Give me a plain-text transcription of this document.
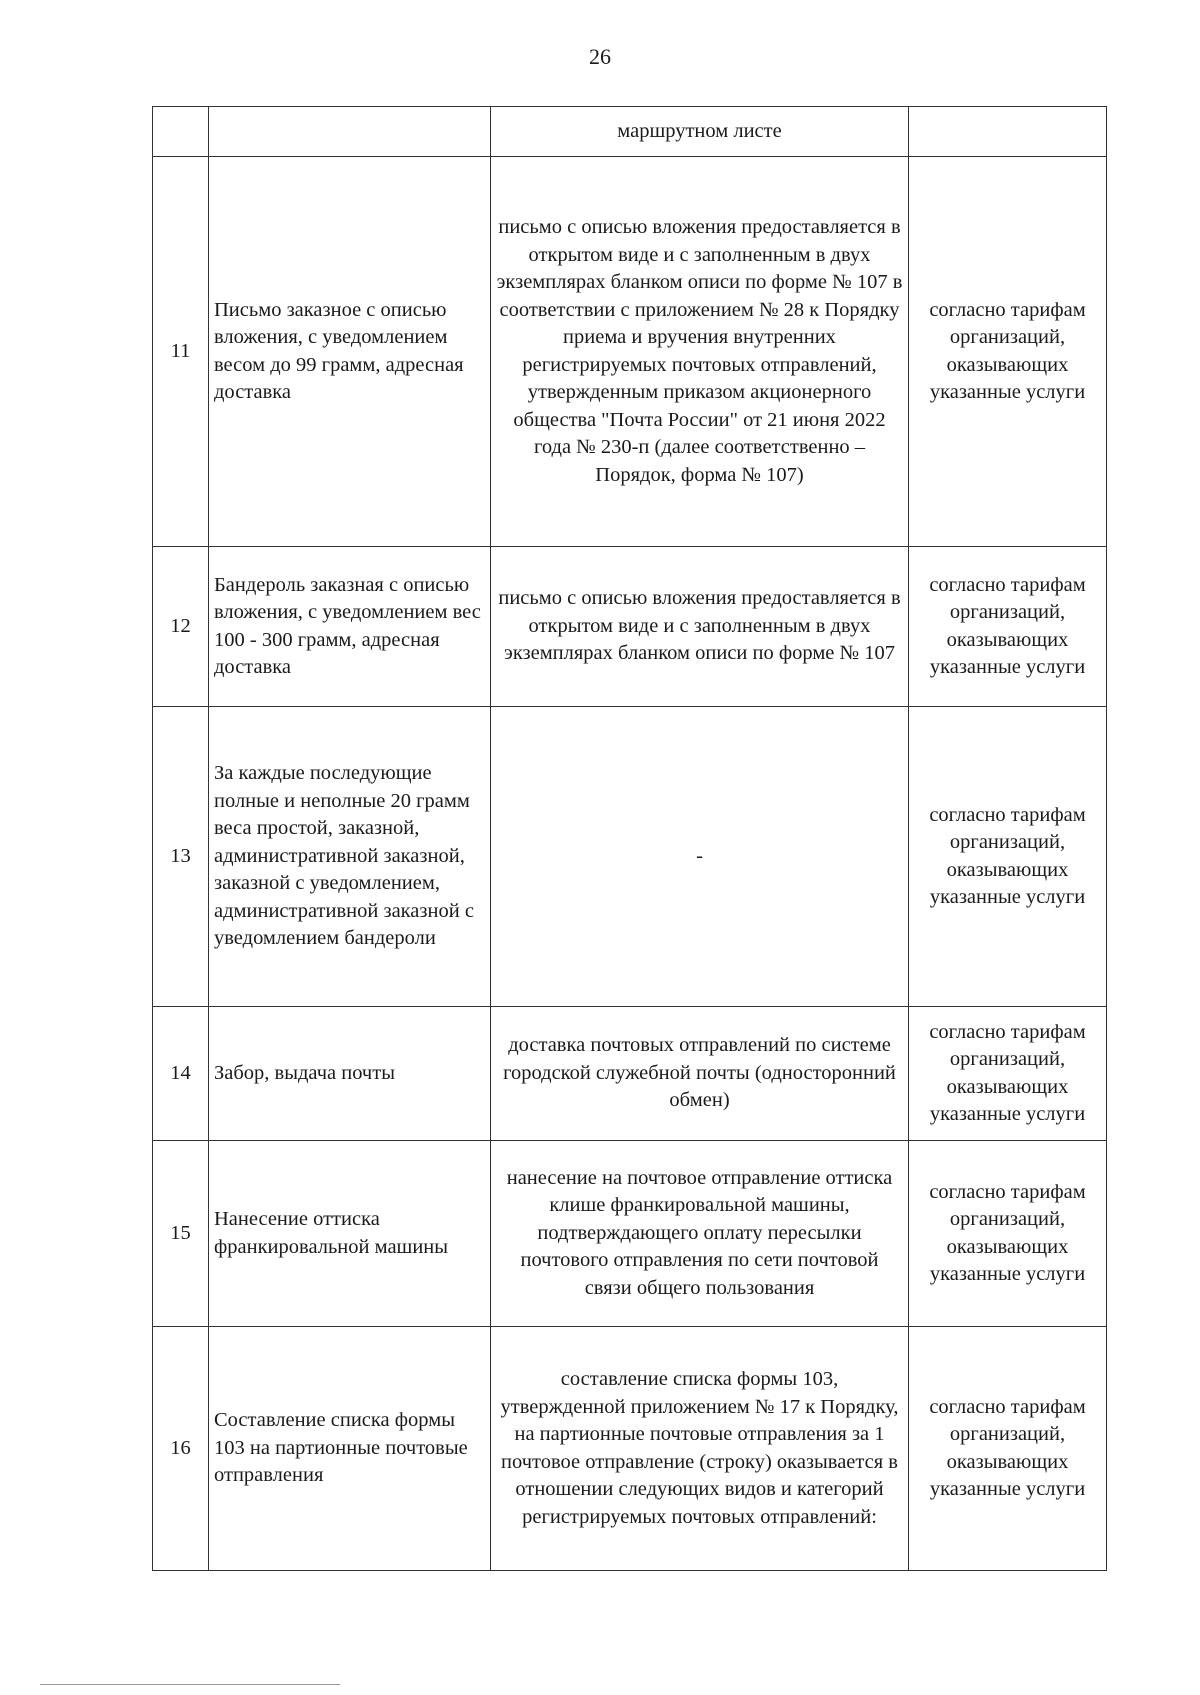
26
		маршрутном листе	
11	Письмо заказное с описью вложения, с уведомлением весом до 99 грамм, адресная доставка	письмо с описью вложения предоставляется в открытом виде и с заполненным в двух экземплярах бланком описи по форме № 107 в соответствии с приложением № 28 к Порядку приема и вручения внутренних регистрируемых почтовых отправлений, утвержденным приказом акционерного общества "Почта России" от 21 июня 2022 года № 230-п (далее соответственно – Порядок, форма № 107)	согласно тарифам организаций, оказывающих указанные услуги
12	Бандероль заказная с описью вложения, с уведомлением вес 100 - 300 грамм, адресная доставка	письмо с описью вложения предоставляется в открытом виде и с заполненным в двух экземплярах бланком описи по форме № 107	согласно тарифам организаций, оказывающих указанные услуги
13	За каждые последующие полные и неполные 20 грамм веса простой, заказной, административной заказной, заказной с уведомлением, административной заказной с уведомлением бандероли	-	согласно тарифам организаций, оказывающих указанные услуги
14	Забор, выдача почты	доставка почтовых отправлений по системе городской служебной почты (односторонний обмен)	согласно тарифам организаций, оказывающих указанные услуги
15	Нанесение оттиска франкировальной машины	нанесение на почтовое отправление оттиска клише франкировальной машины, подтверждающего оплату пересылки почтового отправления по сети почтовой связи общего пользования	согласно тарифам организаций, оказывающих указанные услуги
16	Составление списка формы 103 на партионные почтовые отправления	составление списка формы 103, утвержденной приложением № 17 к Порядку, на партионные почтовые отправления за 1 почтовое отправление (строку) оказывается в отношении следующих видов и категорий регистрируемых почтовых отправлений:	согласно тарифам организаций, оказывающих указанные услуги
